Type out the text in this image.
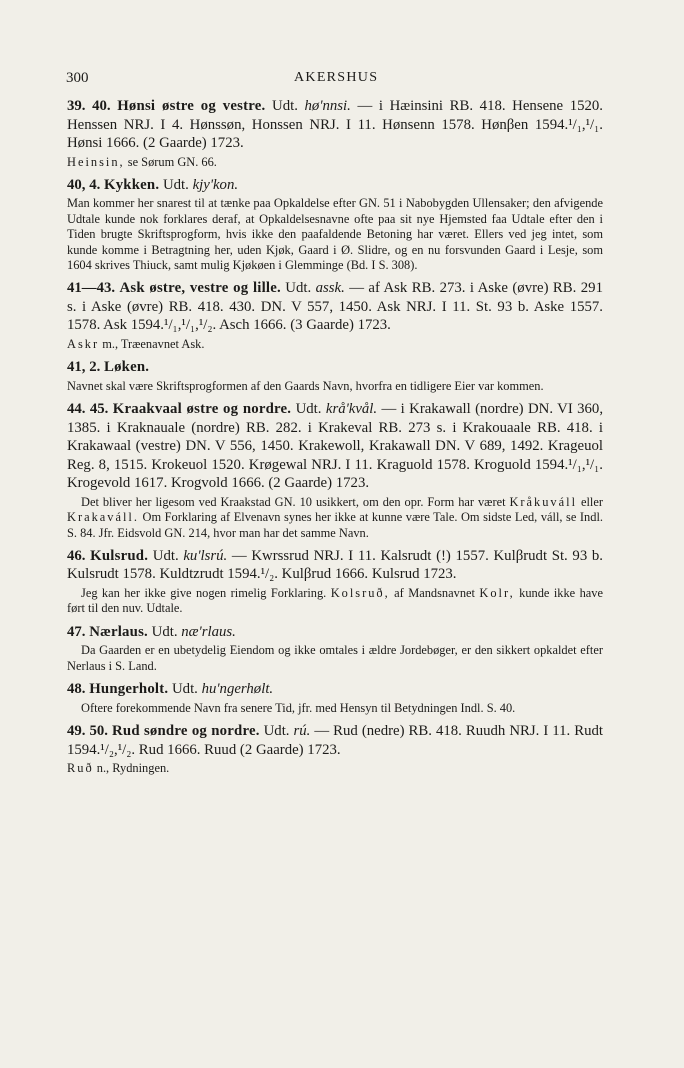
300	AKERSHUS

39. 40. Hønsi østre og vestre. Udt. hø'nnsi. — i Hæinsini RB. 418. Hensene 1520. Henssen NRJ. I 4. Hønssøn, Honssen NRJ. I 11. Hønsenn 1578. Hønβen 1594.¹/₁,¹/₁. Hønsi 1666. (2 Gaarde) 1723.

Heinsin, se Sørum GN. 66.

40, 4. Kykken. Udt. kjy'kon.

Man kommer her snarest til at tænke paa Opkaldelse efter GN. 51 i Nabobygden Ullensaker; den afvigende Udtale kunde nok forklares deraf, at Opkaldelsesnavne ofte paa sit nye Hjemsted faa Udtale efter den i Tiden brugte Skriftsprogform, hvis ikke den paafaldende Betoning har været. Ellers ved jeg intet, som kunde komme i Betragtning her, uden Kjøk, Gaard i Ø. Slidre, og en nu forsvunden Gaard i Lesje, som 1604 skrives Thiuck, samt mulig Kjøkøen i Glemminge (Bd. I S. 308).

41—43. Ask østre, vestre og lille. Udt. assk. — af Ask RB. 273. i Aske (øvre) RB. 291 s. i Aske (øvre) RB. 418. 430. DN. V 557, 1450. Ask NRJ. I 11. St. 93 b. Aske 1557. 1578. Ask 1594.¹/₁,¹/₁,¹/₂. Asch 1666. (3 Gaarde) 1723.

Askr m., Træenavnet Ask.

41, 2. Løken.

Navnet skal være Skriftsprogformen af den Gaards Navn, hvorfra en tidligere Eier var kommen.

44. 45. Kraakvaal østre og nordre. Udt. krå'kvål. — i Krakawall (nordre) DN. VI 360, 1385. i Kraknauale (nordre) RB. 282. i Krakeval RB. 273 s. i Krakouaale RB. 418. i Krakawaal (vestre) DN. V 556, 1450. Krakewoll, Krakawall DN. V 689, 1492. Krageuol Reg. 8, 1515. Krokeuol 1520. Krøgewal NRJ. I 11. Kraguold 1578. Kroguold 1594.¹/₁,¹/₁. Krogevold 1617. Krogvold 1666. (2 Gaarde) 1723.

Det bliver her ligesom ved Kraakstad GN. 10 usikkert, om den opr. Form har været Kråkuváll eller Krakaváll. Om Forklaring af Elvenavn synes her ikke at kunne være Tale. Om sidste Led, váll, se Indl. S. 84. Jfr. Eidsvold GN. 214, hvor man har det samme Navn.

46. Kulsrud. Udt. ku'lsrú. — Kwrssrud NRJ. I 11. Kalsrudt (!) 1557. Kulβrudt St. 93 b. Kulsrudt 1578. Kuldtzrudt 1594.¹/₂. Kulβrud 1666. Kulsrud 1723.

Jeg kan her ikke give nogen rimelig Forklaring. Kolsruð, af Mandsnavnet Kolr, kunde ikke have ført til den nuv. Udtale.

47. Nærlaus. Udt. næ'rlaus.

Da Gaarden er en ubetydelig Eiendom og ikke omtales i ældre Jordebøger, er den sikkert opkaldet efter Nerlaus i S. Land.

48. Hungerholt. Udt. hu'ngerhølt.

Oftere forekommende Navn fra senere Tid, jfr. med Hensyn til Betydningen Indl. S. 40.

49. 50. Rud søndre og nordre. Udt. rú. — Rud (nedre) RB. 418. Ruudh NRJ. I 11. Rudt 1594.¹/₂,¹/₂. Rud 1666. Ruud (2 Gaarde) 1723.

Ruð n., Rydningen.
